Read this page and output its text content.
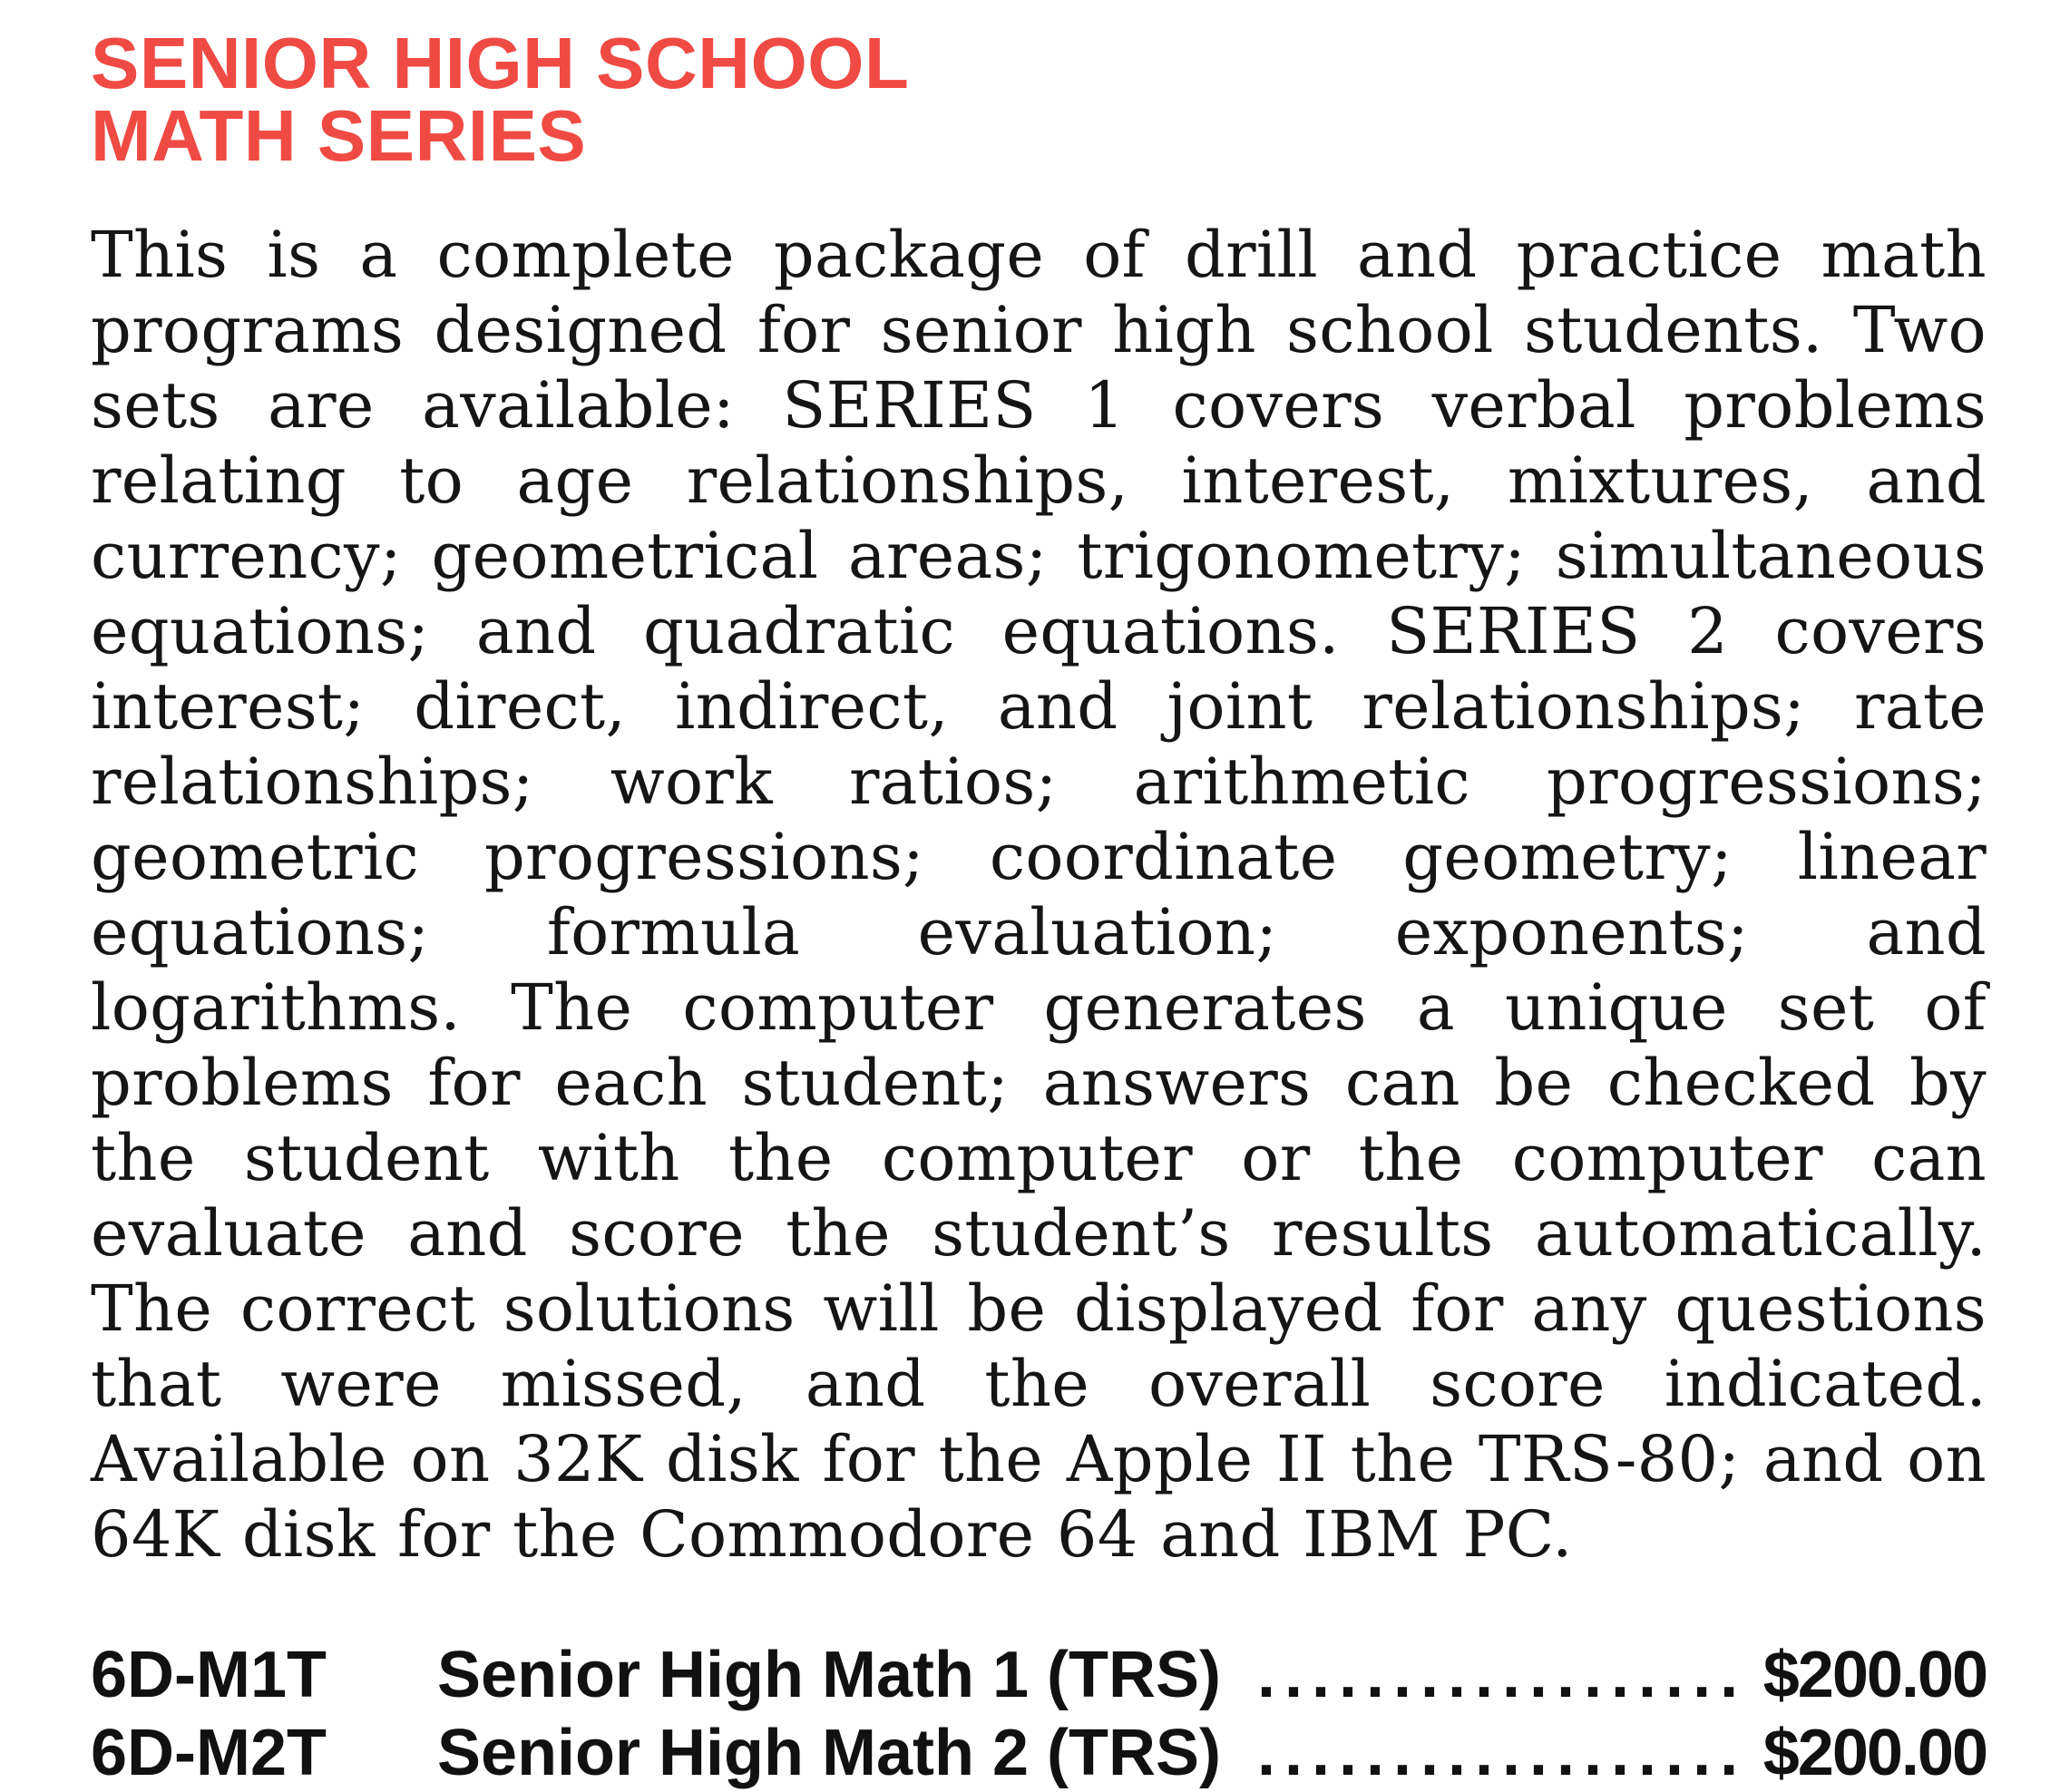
SENIOR HIGH SCHOOL
MATH SERIES

This is a complete package of drill and practice math programs designed for senior high school students. Two sets are available: SERIES 1 covers verbal problems relating to age relationships, interest, mixtures, and currency; geometrical areas; trigonometry; simultaneous equations; and quadratic equations. SERIES 2 covers interest; direct, indirect, and joint relationships; rate relationships; work ratios; arithmetic progressions; geometric progressions; coordinate geometry; linear equations; formula evaluation; exponents; and logarithms. The computer generates a unique set of problems for each student; answers can be checked by the student with the computer or the computer can evaluate and score the student’s results automatically. The correct solutions will be displayed for any questions that were missed, and the overall score indicated. Available on 32K disk for the Apple II the TRS-80; and on 64K disk for the Commodore 64 and IBM PC.

6D-M1T	Senior High Math 1 (TRS) .....	$200.00
6D-M2T	Senior High Math 2 (TRS) .....	$200.00
